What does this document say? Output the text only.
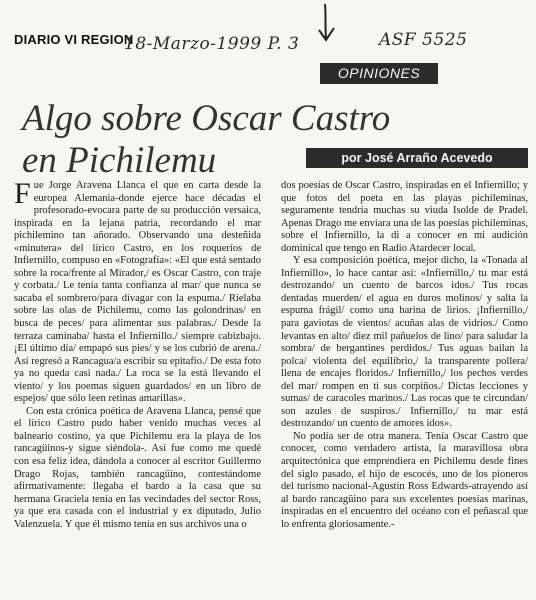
DIARIO VI REGION
18-Marzo-1999 P. 3	ASF 5525
OPINIONES
Algo sobre Oscar Castro
en Pichilemu	por José Arraño Acevedo

Fue Jorge Aravena Llanca el que en carta desde la europea Alemania-donde ejerce hace décadas el profesorado-evocara parte de su producción versaica, inspirada en la lejana patria, recordando el mar pichilemino tan añorado. Observando una desteñida «minutera» del lírico Castro, en los roqueríos de Infiernillo, compuso en «Fotografía»: «El que está sentado sobre la roca/frente al Mirador,/ es Oscar Castro, con traje y corbata./ Le tenía tanta confianza al mar/ que nunca se sacaba el sombrero/para divagar con la espuma./ Rielaba sobre las olas de Pichilemu, como las golondrinas/ en busca de peces/ para alimentar sus palabras./ Desde la terraza caminaba/ hasta el Infiernillo./ siempre cabizbajo. ¡El último día/ empapó sus pies/ y se los cubrió de arena./ Así regresó a Rancagua/a escribir su epitafio./ De esta foto ya no queda casi nada./ La roca se la está llevando el viento/ y los poemas siguen guardados/ en un libro de espejos/ que sólo leen retinas amarillas».

Con esta crónica poética de Aravena Llanca, pensé que el lírico Castro pudo haber venido muchas veces al balneario costino, ya que Pichilemu era la playa de los rancagüinos-y sigue siéndola-. Así fue como me quedé con esa feliz idea, dándola a conocer al escritor Guillermo Drago Rojas, también rancagüino, contestándome afirmativamente: llegaba el bardo a la casa que su hermana Graciela tenía en las vecindades del sector Ross, ya que era casada con el industrial y ex diputado, Julio Valenzuela. Y que él mismo tenía en sus archivos una o

dos poesías de Oscar Castro, inspiradas en el Infiernillo; y que fotos del poeta en las playas pichileminas, seguramente tendría muchas su viuda Isolde de Pradel. Apenas Drago me enviara una de las poesías pichileminas, sobre el Infiernillo, la di a conocer en mi audición dominical que tengo en Radio Atardecer local.

Y esa composición poética, mejor dicho, la «Tonada al Infiernillo», lo hace cantar así: «Infiernillo,/ tu mar está destrozando/ un cuento de barcos idos./ Tus rocas dentadas muerden/ el agua en duros molinos/ y salta la espuma frágil/ como una harina de lirios. ¡Infiernillo,/ para gaviotas de vientos/ acuñas alas de vidrios./ Como levantas en alto/ diez mil pañuelos de lino/ para saludar la sombra/ de bergantines perdidos./ Tus aguas bailan la polca/ violenta del equilibrio,/ la transparente pollera/ llena de encajes floridos./ Infiernillo,/ los pechos verdes del mar/ rompen en ti sus corpiños./ Dictas lecciones y sumas/ de caracoles marinos./ Las rocas que te circundan/ son azules de suspiros./ Infiernillo,/ tu mar está destrozando/ un cuento de amores idos».

No podía ser de otra manera. Tenía Oscar Castro que conocer, como verdadero artista, la maravillosa obra arquitectónica que emprendiera en Pichilemu desde fines del siglo pasado, el hijo de escocés, uno de los pioneros del turismo nacional-Agustín Ross Edwards-atrayendo así al bardo rancagüino para sus excelentes poesías marinas, inspiradas en el encuentro del océano con el peñascal que lo enfrenta gloriosamente.-
